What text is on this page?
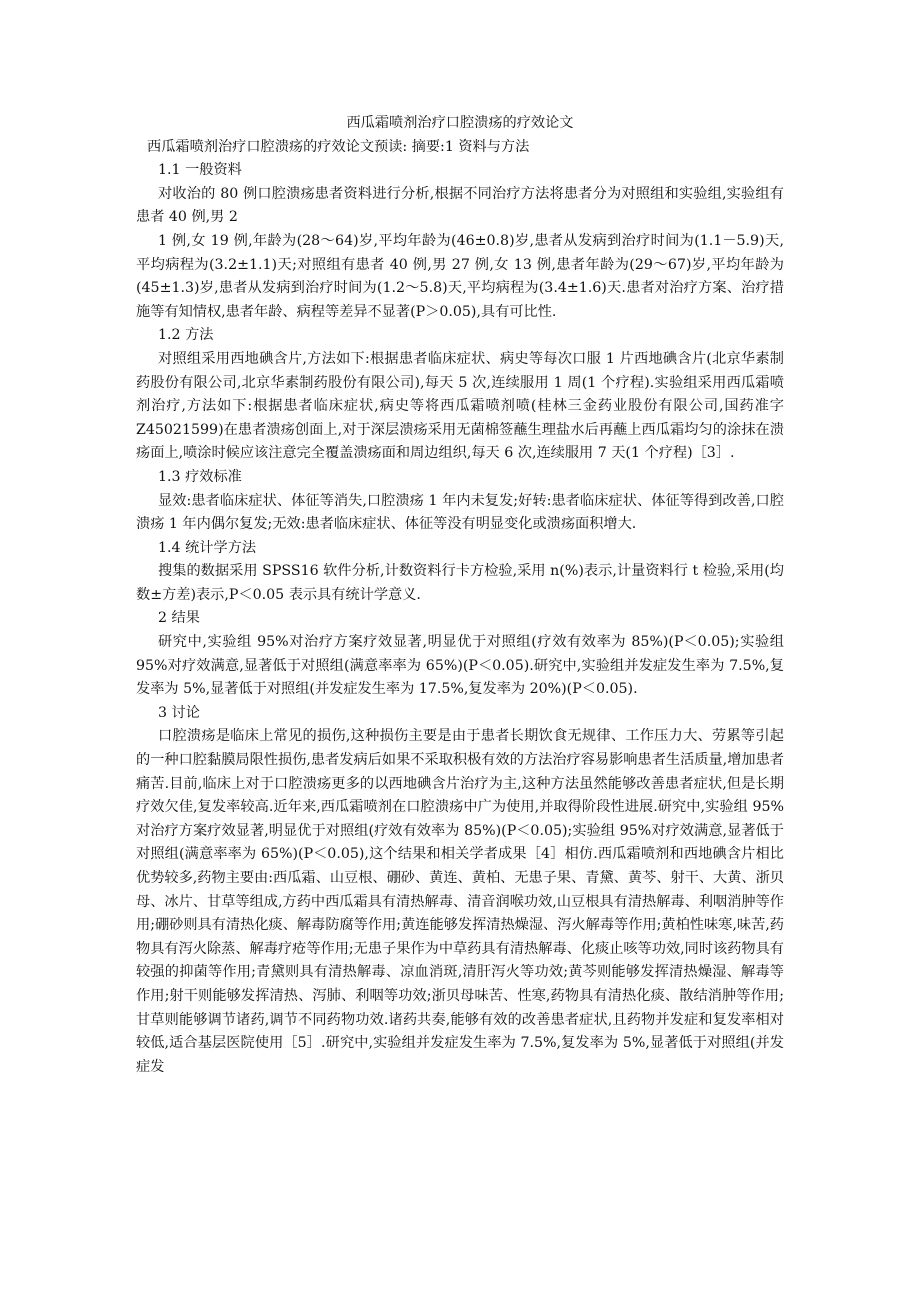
西瓜霜喷剂治疗口腔溃疡的疗效论文

西瓜霜喷剂治疗口腔溃疡的疗效论文预读: 摘要:1 资料与方法

1.1 一般资料

对收治的 80 例口腔溃疡患者资料进行分析,根据不同治疗方法将患者分为对照组和实验组,实验组有患者 40 例,男 2

1 例,女 19 例,年龄为(28～64)岁,平均年龄为(46±0.8)岁,患者从发病到治疗时间为(1.1－5.9)天,平均病程为(3.2±1.1)天;对照组有患者 40 例,男 27 例,女 13 例,患者年龄为(29～67)岁,平均年龄为(45±1.3)岁,患者从发病到治疗时间为(1.2～5.8)天,平均病程为(3.4±1.6)天.患者对治疗方案、治疗措施等有知情权,患者年龄、病程等差异不显著(P＞0.05),具有可比性.

1.2 方法

对照组采用西地碘含片,方法如下:根据患者临床症状、病史等每次口服 1 片西地碘含片(北京华素制药股份有限公司,北京华素制药股份有限公司),每天 5 次,连续服用 1 周(1 个疗程).实验组采用西瓜霜喷剂治疗,方法如下:根据患者临床症状,病史等将西瓜霜喷剂喷(桂林三金药业股份有限公司,国药准字 Z45021599)在患者溃疡创面上,对于深层溃疡采用无菌棉签蘸生理盐水后再蘸上西瓜霜均匀的涂抹在溃疡面上,喷涂时候应该注意完全覆盖溃疡面和周边组织,每天 6 次,连续服用 7 天(1 个疗程)［3］.

1.3 疗效标准

显效:患者临床症状、体征等消失,口腔溃疡 1 年内未复发;好转:患者临床症状、体征等得到改善,口腔溃疡 1 年内偶尔复发;无效:患者临床症状、体征等没有明显变化或溃疡面积增大.

1.4 统计学方法

搜集的数据采用 SPSS16 软件分析,计数资料行卡方检验,采用 n(%)表示,计量资料行 t 检验,采用(均数±方差)表示,P＜0.05 表示具有统计学意义.

2 结果

研究中,实验组 95%对治疗方案疗效显著,明显优于对照组(疗效有效率为 85%)(P＜0.05);实验组 95%对疗效满意,显著低于对照组(满意率率为 65%)(P＜0.05).研究中,实验组并发症发生率为 7.5%,复发率为 5%,显著低于对照组(并发症发生率为 17.5%,复发率为 20%)(P＜0.05).

3 讨论

口腔溃疡是临床上常见的损伤,这种损伤主要是由于患者长期饮食无规律、工作压力大、劳累等引起的一种口腔黏膜局限性损伤,患者发病后如果不采取积极有效的方法治疗容易影响患者生活质量,增加患者痛苦.目前,临床上对于口腔溃疡更多的以西地碘含片治疗为主,这种方法虽然能够改善患者症状,但是长期疗效欠佳,复发率较高.近年来,西瓜霜喷剂在口腔溃疡中广为使用,并取得阶段性进展.研究中,实验组 95%对治疗方案疗效显著,明显优于对照组(疗效有效率为 85%)(P＜0.05);实验组 95%对疗效满意,显著低于对照组(满意率率为 65%)(P＜0.05),这个结果和相关学者成果［4］相仿.西瓜霜喷剂和西地碘含片相比优势较多,药物主要由:西瓜霜、山豆根、硼砂、黄连、黄柏、无患子果、青黛、黄芩、射干、大黄、浙贝母、冰片、甘草等组成,方药中西瓜霜具有清热解毒、清音润喉功效,山豆根具有清热解毒、利咽消肿等作用;硼砂则具有清热化痰、解毒防腐等作用;黄连能够发挥清热燥湿、泻火解毒等作用;黄柏性味寒,味苦,药物具有泻火除蒸、解毒疗疮等作用;无患子果作为中草药具有清热解毒、化痰止咳等功效,同时该药物具有较强的抑菌等作用;青黛则具有清热解毒、凉血消斑,清肝泻火等功效;黄芩则能够发挥清热燥湿、解毒等作用;射干则能够发挥清热、泻肺、利咽等功效;浙贝母味苦、性寒,药物具有清热化痰、散结消肿等作用;甘草则能够调节诸药,调节不同药物功效.诸药共奏,能够有效的改善患者症状,且药物并发症和复发率相对较低,适合基层医院使用［5］.研究中,实验组并发症发生率为 7.5%,复发率为 5%,显著低于对照组(并发症发
